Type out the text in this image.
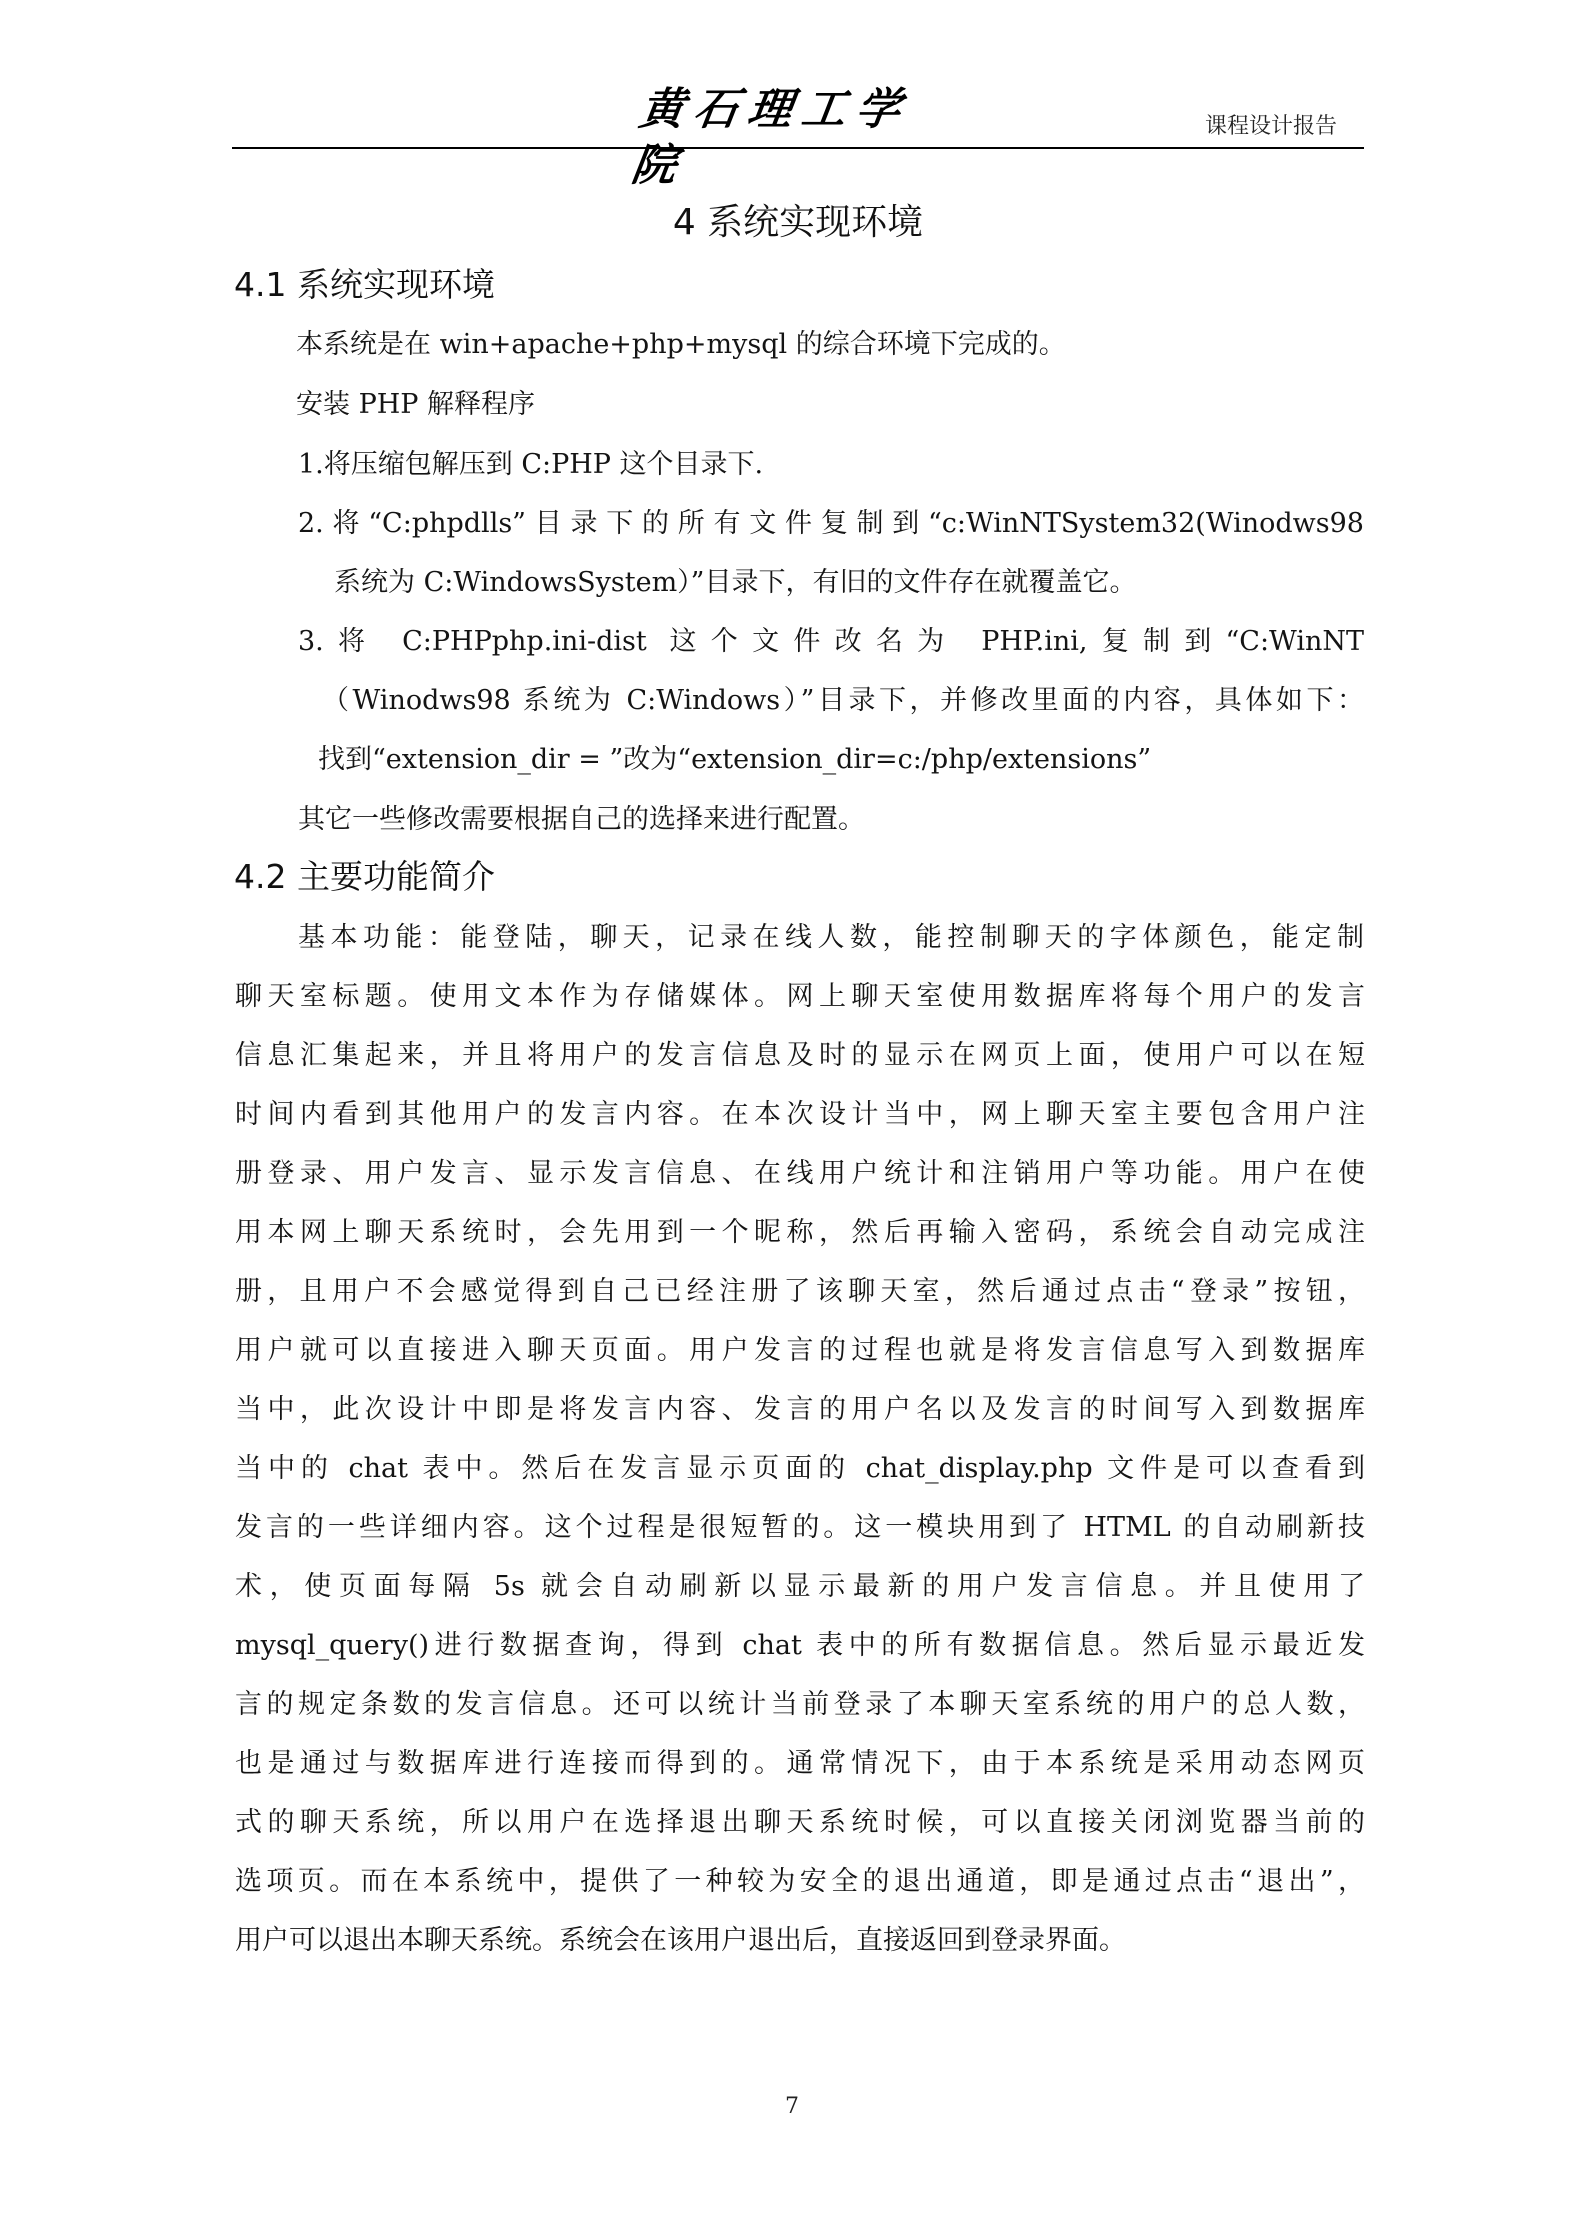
黄石理工学院
课程设计报告
4 系统实现环境
4.1 系统实现环境
本系统是在 win+apache+php+mysql 的综合环境下完成的。
安装 PHP 解释程序
1.将压缩包解压到 C:PHP 这个目录下.
2.将“C:phpdlls”目录下的所有文件复制到“c:WinNTSystem32(Winodws98
系统为 C:WindowsSystem）”目录下，有旧的文件存在就覆盖它。
3.将 C:PHPphp.ini-dist 这个文件改名为 PHP.ini,复制到“C:WinNT
（Winodws98 系统为 C:Windows）”目录下，并修改里面的内容，具体如下：
找到“extension_dir = ”改为“extension_dir=c:/php/extensions”
其它一些修改需要根据自己的选择来进行配置。
4.2 主要功能简介
基本功能：能登陆，聊天，记录在线人数，能控制聊天的字体颜色，能定制
聊天室标题。使用文本作为存储媒体。网上聊天室使用数据库将每个用户的发言
信息汇集起来，并且将用户的发言信息及时的显示在网页上面，使用户可以在短
时间内看到其他用户的发言内容。在本次设计当中，网上聊天室主要包含用户注
册登录、用户发言、显示发言信息、在线用户统计和注销用户等功能。用户在使
用本网上聊天系统时，会先用到一个昵称，然后再输入密码，系统会自动完成注
册，且用户不会感觉得到自己已经注册了该聊天室，然后通过点击“登录”按钮，
用户就可以直接进入聊天页面。用户发言的过程也就是将发言信息写入到数据库
当中，此次设计中即是将发言内容、发言的用户名以及发言的时间写入到数据库
当中的 chat 表中。然后在发言显示页面的 chat_display.php 文件是可以查看到
发言的一些详细内容。这个过程是很短暂的。这一模块用到了 HTML 的自动刷新技
术，使页面每隔 5s 就会自动刷新以显示最新的用户发言信息。并且使用了
mysql_query()进行数据查询，得到 chat 表中的所有数据信息。然后显示最近发
言的规定条数的发言信息。还可以统计当前登录了本聊天室系统的用户的总人数，
也是通过与数据库进行连接而得到的。通常情况下，由于本系统是采用动态网页
式的聊天系统，所以用户在选择退出聊天系统时候，可以直接关闭浏览器当前的
选项页。而在本系统中，提供了一种较为安全的退出通道，即是通过点击“退出”，
用户可以退出本聊天系统。系统会在该用户退出后，直接返回到登录界面。
7
